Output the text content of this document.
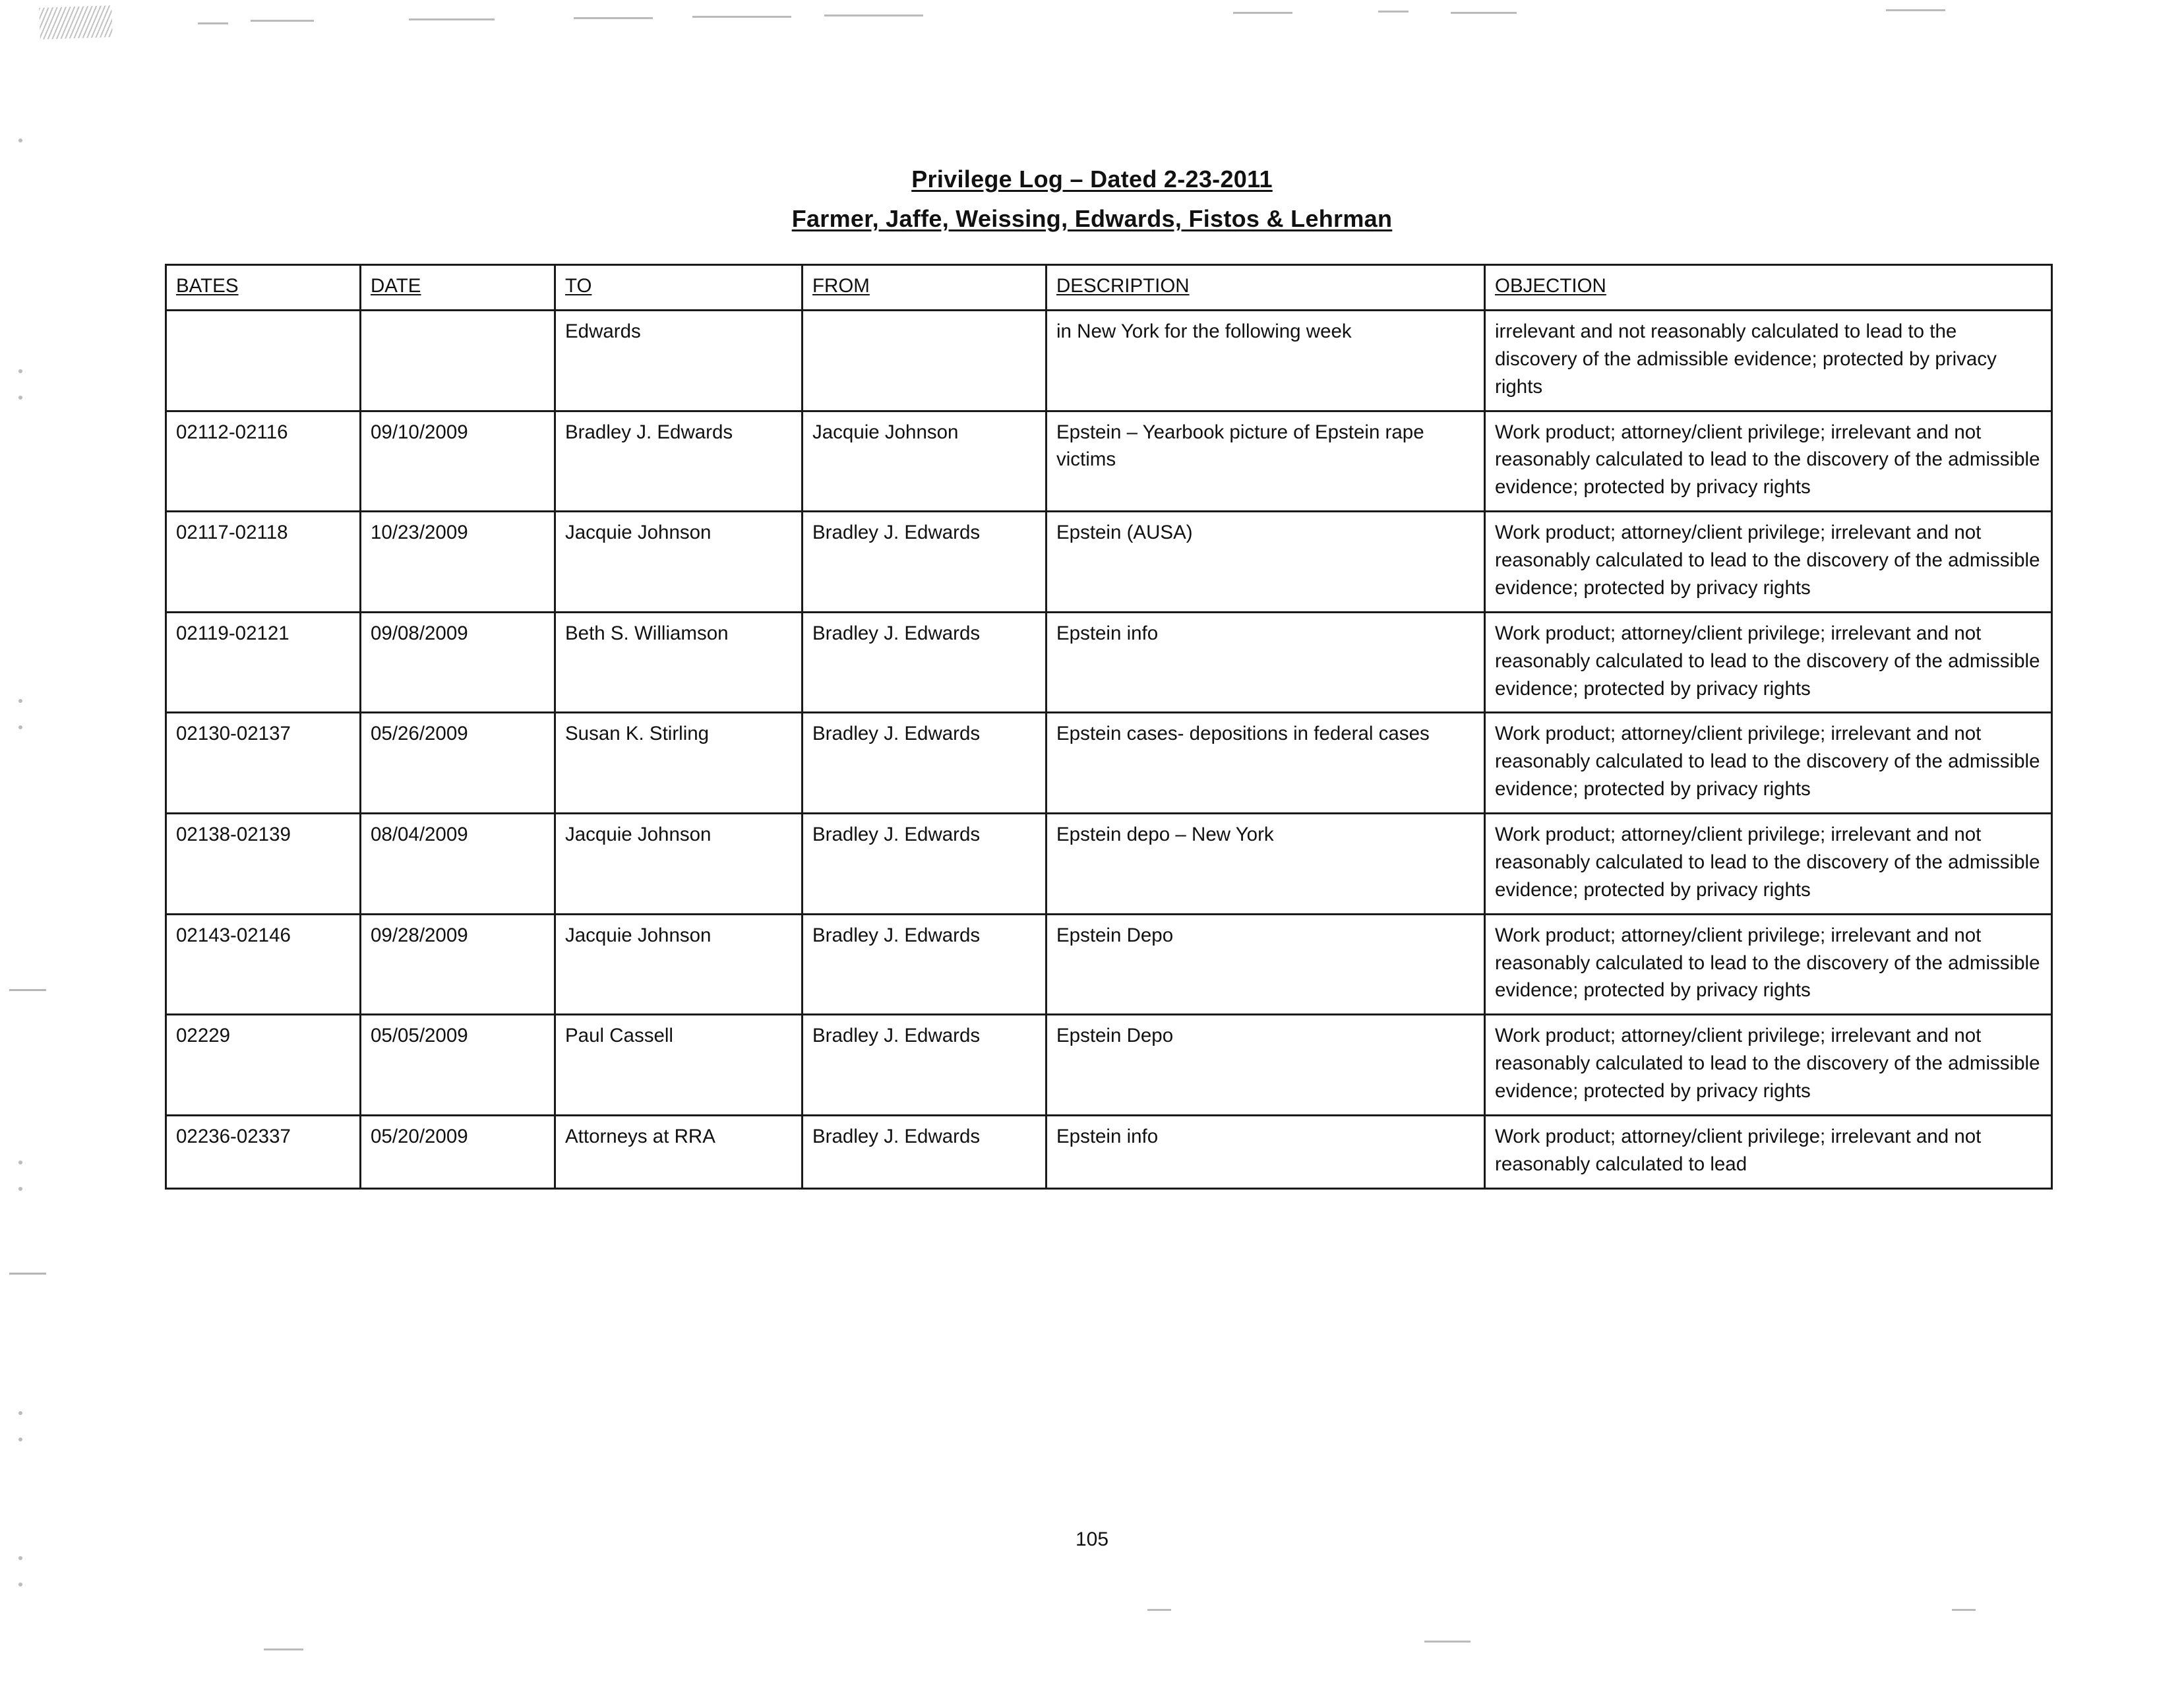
Privilege Log – Dated 2-23-2011
Farmer, Jaffe, Weissing, Edwards, Fistos & Lehrman
BATES	DATE	TO	FROM	DESCRIPTION	OBJECTION
		Edwards		in New York for the following week	irrelevant and not reasonably calculated to lead to the discovery of the admissible evidence; protected by privacy rights
02112-02116	09/10/2009	Bradley J. Edwards	Jacquie Johnson	Epstein – Yearbook picture of Epstein rape victims	Work product; attorney/client privilege; irrelevant and not reasonably calculated to lead to the discovery of the admissible evidence; protected by privacy rights
02117-02118	10/23/2009	Jacquie Johnson	Bradley J. Edwards	Epstein (AUSA)	Work product; attorney/client privilege; irrelevant and not reasonably calculated to lead to the discovery of the admissible evidence; protected by privacy rights
02119-02121	09/08/2009	Beth S. Williamson	Bradley J. Edwards	Epstein info	Work product; attorney/client privilege; irrelevant and not reasonably calculated to lead to the discovery of the admissible evidence; protected by privacy rights
02130-02137	05/26/2009	Susan K. Stirling	Bradley J. Edwards	Epstein cases- depositions in federal cases	Work product; attorney/client privilege; irrelevant and not reasonably calculated to lead to the discovery of the admissible evidence; protected by privacy rights
02138-02139	08/04/2009	Jacquie Johnson	Bradley J. Edwards	Epstein depo – New York	Work product; attorney/client privilege; irrelevant and not reasonably calculated to lead to the discovery of the admissible evidence; protected by privacy rights
02143-02146	09/28/2009	Jacquie Johnson	Bradley J. Edwards	Epstein Depo	Work product; attorney/client privilege; irrelevant and not reasonably calculated to lead to the discovery of the admissible evidence; protected by privacy rights
02229	05/05/2009	Paul Cassell	Bradley J. Edwards	Epstein Depo	Work product; attorney/client privilege; irrelevant and not reasonably calculated to lead to the discovery of the admissible evidence; protected by privacy rights
02236-02337	05/20/2009	Attorneys at RRA	Bradley J. Edwards	Epstein info	Work product; attorney/client privilege; irrelevant and not reasonably calculated to lead
105
